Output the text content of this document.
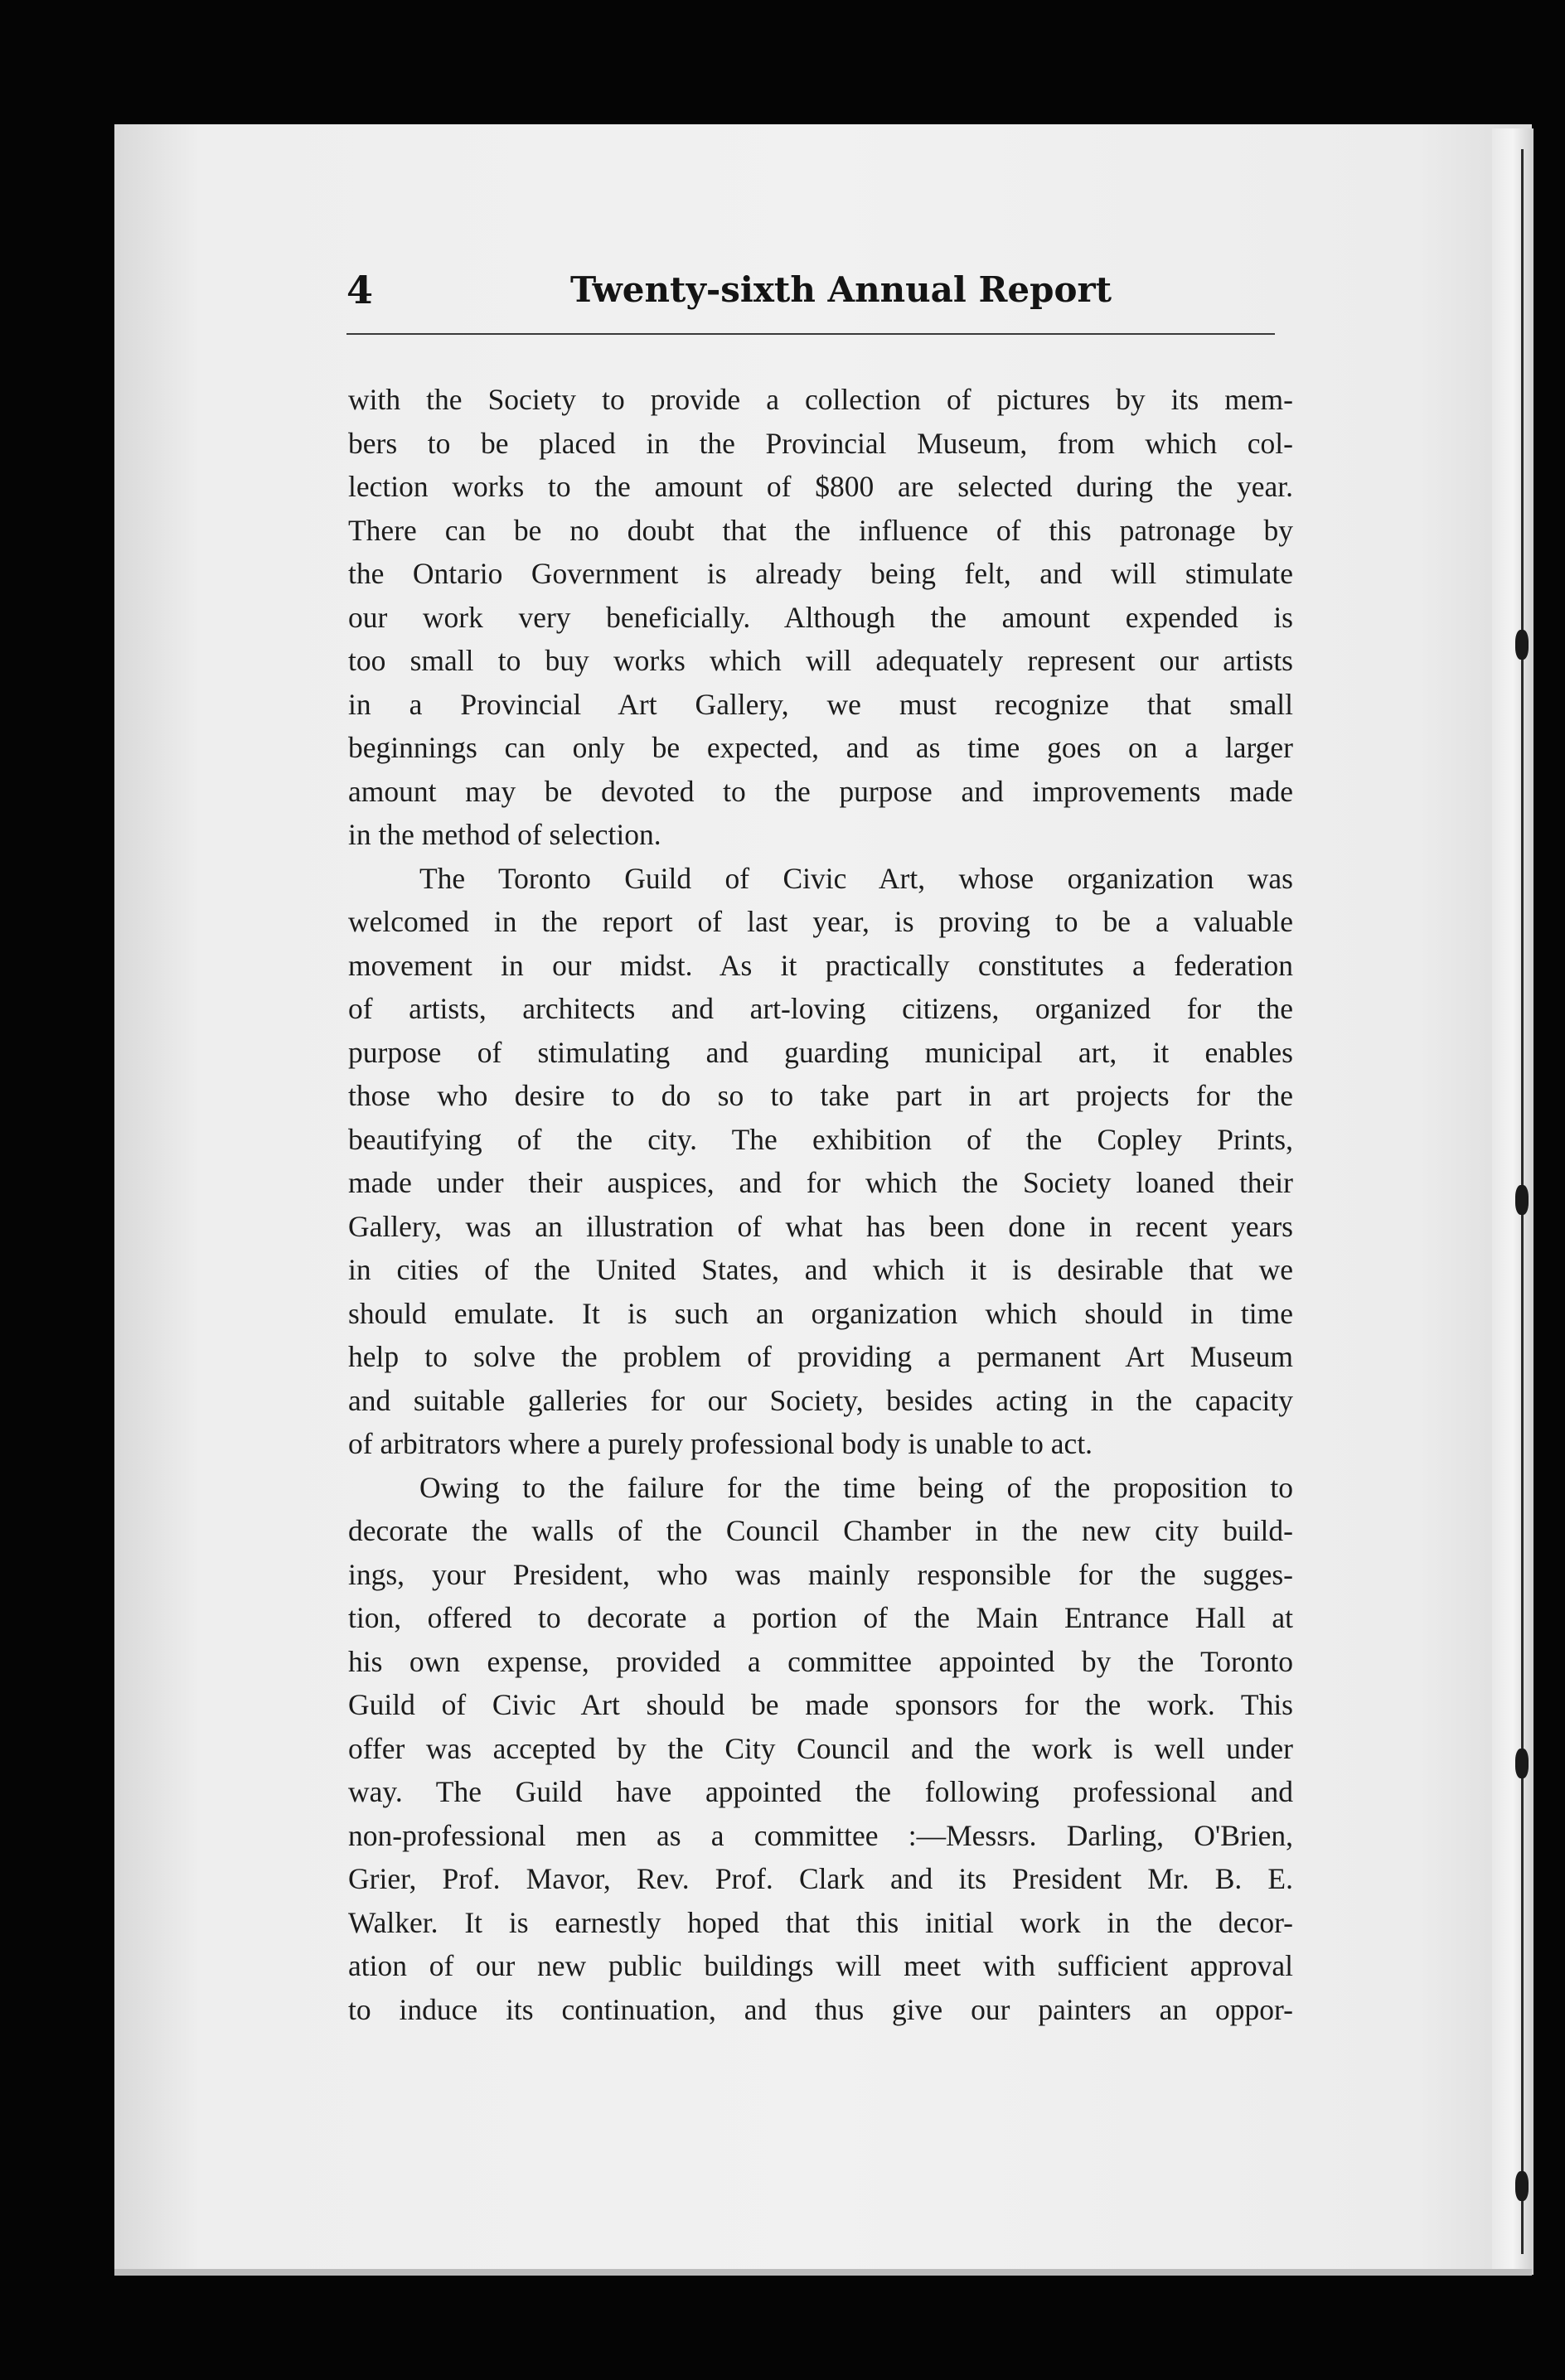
4	Twenty-sixth Annual Report
with the Society to provide a collection of pictures by its mem-
bers to be placed in the Provincial Museum, from which col-
lection works to the amount of $800 are selected during the year.
There can be no doubt that the influence of this patronage by
the Ontario Government is already being felt, and will stimulate
our work very beneficially. Although the amount expended is
too small to buy works which will adequately represent our artists
in a Provincial Art Gallery, we must recognize that small
beginnings can only be expected, and as time goes on a larger
amount may be devoted to the purpose and improvements made
in the method of selection.
The Toronto Guild of Civic Art, whose organization was
welcomed in the report of last year, is proving to be a valuable
movement in our midst. As it practically constitutes a federation
of artists, architects and art-loving citizens, organized for the
purpose of stimulating and guarding municipal art, it enables
those who desire to do so to take part in art projects for the
beautifying of the city. The exhibition of the Copley Prints,
made under their auspices, and for which the Society loaned their
Gallery, was an illustration of what has been done in recent years
in cities of the United States, and which it is desirable that we
should emulate. It is such an organization which should in time
help to solve the problem of providing a permanent Art Museum
and suitable galleries for our Society, besides acting in the capacity
of arbitrators where a purely professional body is unable to act.
Owing to the failure for the time being of the proposition to
decorate the walls of the Council Chamber in the new city build-
ings, your President, who was mainly responsible for the sugges-
tion, offered to decorate a portion of the Main Entrance Hall at
his own expense, provided a committee appointed by the Toronto
Guild of Civic Art should be made sponsors for the work. This
offer was accepted by the City Council and the work is well under
way. The Guild have appointed the following professional and
non-professional men as a committee :—Messrs. Darling, O'Brien,
Grier, Prof. Mavor, Rev. Prof. Clark and its President Mr. B. E.
Walker. It is earnestly hoped that this initial work in the decor-
ation of our new public buildings will meet with sufficient approval
to induce its continuation, and thus give our painters an oppor-
